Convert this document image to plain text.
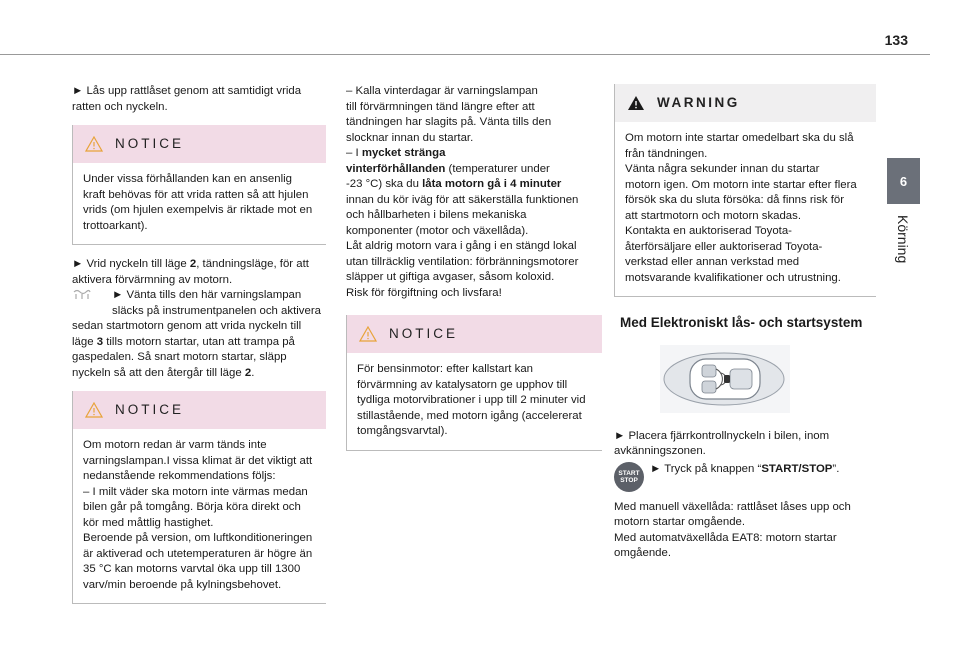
133
6
Körning
► Lås upp rattlåset genom att samtidigt vrida
ratten och nyckeln.
NOTICE
Under vissa förhållanden kan en ansenlig
kraft behövas för att vrida ratten så att hjulen
vrids (om hjulen exempelvis är riktade mot en
trottoarkant).
► Vrid nyckeln till läge 2, tändningsläge, för att
aktivera förvärmning av motorn.
► Vänta tills den här varningslampan
släcks på instrumentpanelen och aktivera
sedan startmotorn genom att vrida nyckeln till
läge 3 tills motorn startar, utan att trampa på
gaspedalen. Så snart motorn startar, släpp
nyckeln så att den återgår till läge 2.
NOTICE
Om motorn redan är varm tänds inte
varningslampan.I vissa klimat är det viktigt att
nedanstående rekommendations följs:
– I milt väder ska motorn inte värmas medan
bilen går på tomgång. Börja köra direkt och
kör med måttlig hastighet.
Beroende på version, om luftkonditioneringen
är aktiverad och utetemperaturen är högre än
35 °C kan motorns varvtal öka upp till 1300
varv/min beroende på kylningsbehovet.
– Kalla vinterdagar är varningslampan
till förvärmningen tänd längre efter att
tändningen har slagits på. Vänta tills den
slocknar innan du startar.
– I mycket stränga
vinterförhållanden (temperaturer under
-23 °C) ska du låta motorn gå i 4 minuter
innan du kör iväg för att säkerställa funktionen
och hållbarheten i bilens mekaniska
komponenter (motor och växellåda).
Låt aldrig motorn vara i gång i en stängd lokal
utan tillräcklig ventilation: förbränningsmotorer
släpper ut giftiga avgaser, såsom koloxid.
Risk för förgiftning och livsfara!
NOTICE
För bensinmotor: efter kallstart kan
förvärmning av katalysatorn ge upphov till
tydliga motorvibrationer i upp till 2 minuter vid
stillastående, med motorn igång (accelererat
tomgångsvarvtal).
WARNING
Om motorn inte startar omedelbart ska du slå
från tändningen.
Vänta några sekunder innan du startar
motorn igen. Om motorn inte startar efter flera
försök ska du sluta försöka: då finns risk för
att startmotorn och motorn skadas.
Kontakta en auktoriserad Toyota-
återförsäljare eller auktoriserad Toyota-
verkstad eller annan verkstad med
motsvarande kvalifikationer och utrustning.
Med Elektroniskt lås- och startsystem
► Placera fjärrkontrollnyckeln i bilen, inom
avkänningszonen.
START
STOP
► Tryck på knappen “START/STOP”.
Med manuell växellåda: rattlåset låses upp och
motorn startar omgående.
Med automatväxellåda EAT8: motorn startar
omgående.
